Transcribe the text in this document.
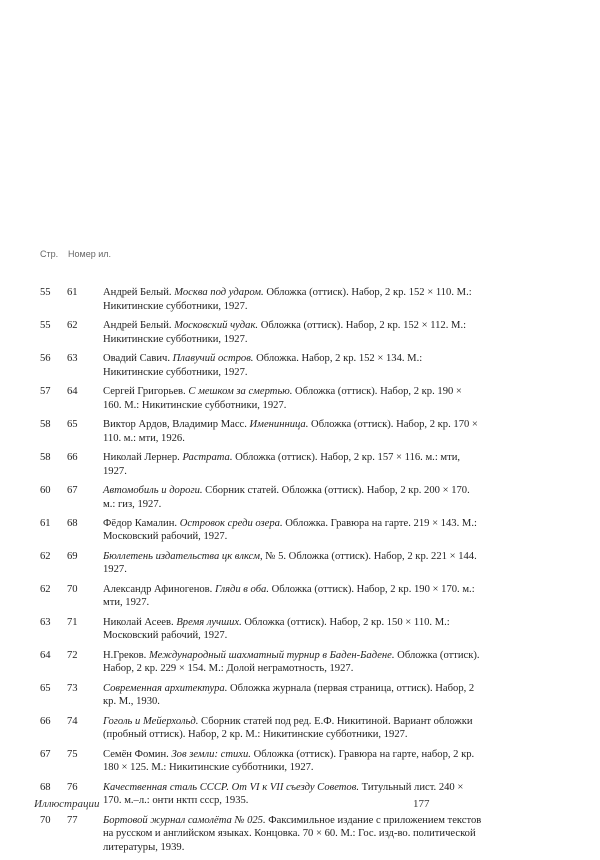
Стр. Номер ил.
55	61	Андрей Белый. Москва под ударом. Обложка (оттиск). Набор, 2 кр. 152 × 110. М.: Никитинские субботники, 1927.
55	62	Андрей Белый. Московский чудак. Обложка (оттиск). Набор, 2 кр. 152 × 112. М.: Никитинские субботники, 1927.
56	63	Овадий Савич. Плавучий остров. Обложка. Набор, 2 кр. 152 × 134. М.: Никитинские субботники, 1927.
57	64	Сергей Григорьев. С мешком за смертью. Обложка (оттиск). Набор, 2 кр. 190 × 160. М.: Никитинские субботники, 1927.
58	65	Виктор Ардов, Владимир Масс. Именинница. Обложка (оттиск). Набор, 2 кр. 170 × 110. м.: мти, 1926.
58	66	Николай Лернер. Растрата. Обложка (оттиск). Набор, 2 кр. 157 × 116. м.: мти, 1927.
60	67	Автомобиль и дороги. Сборник статей. Обложка (оттиск). Набор, 2 кр. 200 × 170. м.: гиз, 1927.
61	68	Фёдор Камалин. Островок среди озера. Обложка. Гравюра на гарте. 219 × 143. М.: Московский рабочий, 1927.
62	69	Бюллетень издательства цк влксм, № 5. Обложка (оттиск). Набор, 2 кр. 221 × 144. 1927.
62	70	Александр Афиногенов. Гляди в оба. Обложка (оттиск). Набор, 2 кр. 190 × 170. м.: мти, 1927.
63	71	Николай Асеев. Время лучших. Обложка (оттиск). Набор, 2 кр. 150 × 110. М.: Московский рабочий, 1927.
64	72	Н.Греков. Международный шахматный турнир в Баден-Бадене. Обложка (оттиск). Набор, 2 кр. 229 × 154. М.: Долой неграмотность, 1927.
65	73	Современная архитектура. Обложка журнала (первая страница, оттиск). Набор, 2 кр. М., 1930.
66	74	Гоголь и Мейерхольд. Сборник статей под ред. Е.Ф. Никитиной. Вариант обложки (пробный оттиск). Набор, 2 кр. М.: Никитинские субботники, 1927.
67	75	Семён Фомин. Зов земли: стихи. Обложка (оттиск). Гравюра на гарте, набор, 2 кр. 180 × 125. М.: Никитинские субботники, 1927.
68	76	Качественная сталь СССР. От VI к VII съезду Советов. Титульный лист. 240 × 170. м.–л.: онти нктп ссср, 1935.
70	77	Бортовой журнал самолёта № 025. Факсимильное издание с приложением текстов на русском и английском языках. Концовка. 70 × 60. М.: Гос. изд-во. политической литературы, 1939.
Иллюстрации	177
